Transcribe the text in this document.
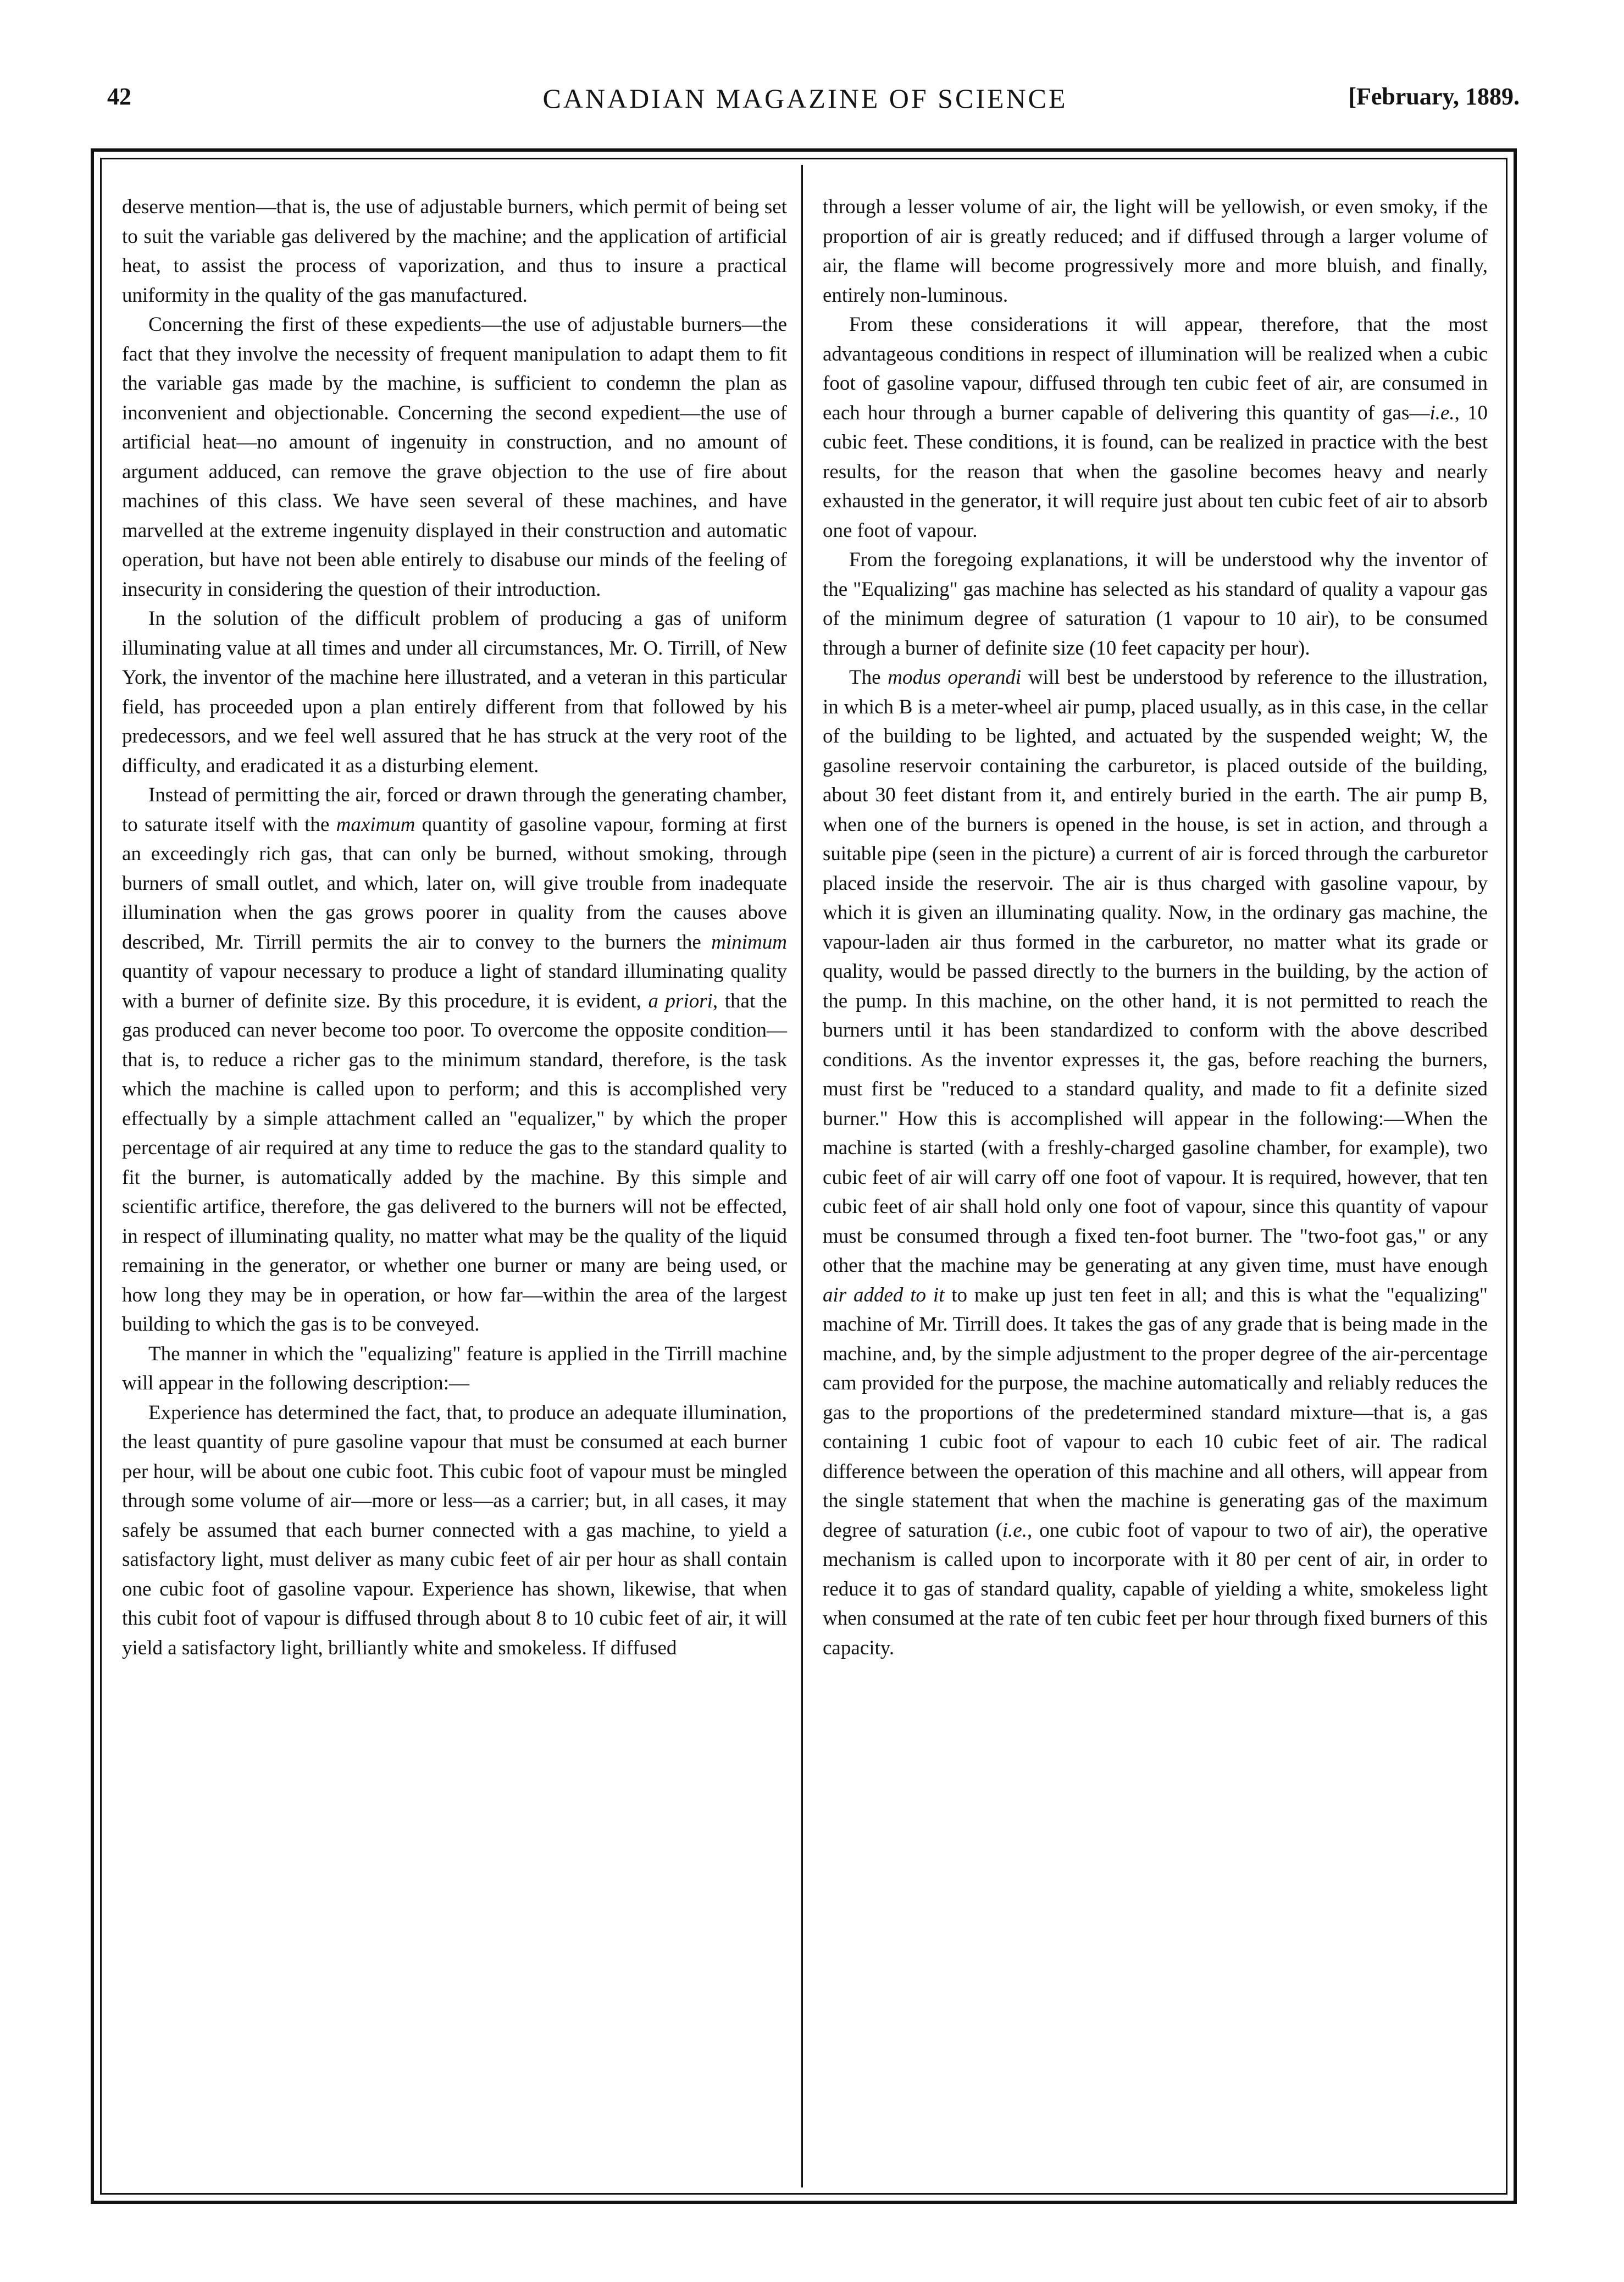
42	CANADIAN MAGAZINE OF SCIENCE	[February, 1889.

deserve mention—that is, the use of adjustable burners, which permit of being set to suit the variable gas delivered by the machine; and the application of artificial heat, to assist the process of vaporization, and thus to insure a practical uniformity in the quality of the gas manufactured.

Concerning the first of these expedients—the use of adjustable burners—the fact that they involve the necessity of frequent manipulation to adapt them to fit the variable gas made by the machine, is sufficient to condemn the plan as inconvenient and objectionable. Concerning the second expedient—the use of artificial heat—no amount of ingenuity in construction, and no amount of argument adduced, can remove the grave objection to the use of fire about machines of this class. We have seen several of these machines, and have marvelled at the extreme ingenuity displayed in their construction and automatic operation, but have not been able entirely to disabuse our minds of the feeling of insecurity in considering the question of their introduction.

In the solution of the difficult problem of producing a gas of uniform illuminating value at all times and under all circumstances, Mr. O. Tirrill, of New York, the inventor of the machine here illustrated, and a veteran in this particular field, has proceeded upon a plan entirely different from that followed by his predecessors, and we feel well assured that he has struck at the very root of the difficulty, and eradicated it as a disturbing element.

Instead of permitting the air, forced or drawn through the generating chamber, to saturate itself with the maximum quantity of gasoline vapour, forming at first an exceedingly rich gas, that can only be burned, without smoking, through burners of small outlet, and which, later on, will give trouble from inadequate illumination when the gas grows poorer in quality from the causes above described, Mr. Tirrill permits the air to convey to the burners the minimum quantity of vapour necessary to produce a light of standard illuminating quality with a burner of definite size. By this procedure, it is evident, a priori, that the gas produced can never become too poor. To overcome the opposite condition—that is, to reduce a richer gas to the minimum standard, therefore, is the task which the machine is called upon to perform; and this is accomplished very effectually by a simple attachment called an "equalizer," by which the proper percentage of air required at any time to reduce the gas to the standard quality to fit the burner, is automatically added by the machine. By this simple and scientific artifice, therefore, the gas delivered to the burners will not be effected, in respect of illuminating quality, no matter what may be the quality of the liquid remaining in the generator, or whether one burner or many are being used, or how long they may be in operation, or how far—within the area of the largest building to which the gas is to be conveyed.

The manner in which the "equalizing" feature is applied in the Tirrill machine will appear in the following description:—

Experience has determined the fact, that, to produce an adequate illumination, the least quantity of pure gasoline vapour that must be consumed at each burner per hour, will be about one cubic foot. This cubic foot of vapour must be mingled through some volume of air—more or less—as a carrier; but, in all cases, it may safely be assumed that each burner connected with a gas machine, to yield a satisfactory light, must deliver as many cubic feet of air per hour as shall contain one cubic foot of gasoline vapour. Experience has shown, likewise, that when this cubit foot of vapour is diffused through about 8 to 10 cubic feet of air, it will yield a satisfactory light, brilliantly white and smokeless. If diffused

through a lesser volume of air, the light will be yellowish, or even smoky, if the proportion of air is greatly reduced; and if diffused through a larger volume of air, the flame will become progressively more and more bluish, and finally, entirely non-luminous.

From these considerations it will appear, therefore, that the most advantageous conditions in respect of illumination will be realized when a cubic foot of gasoline vapour, diffused through ten cubic feet of air, are consumed in each hour through a burner capable of delivering this quantity of gas—i.e., 10 cubic feet. These conditions, it is found, can be realized in practice with the best results, for the reason that when the gasoline becomes heavy and nearly exhausted in the generator, it will require just about ten cubic feet of air to absorb one foot of vapour.

From the foregoing explanations, it will be understood why the inventor of the "Equalizing" gas machine has selected as his standard of quality a vapour gas of the minimum degree of saturation (1 vapour to 10 air), to be consumed through a burner of definite size (10 feet capacity per hour).

The modus operandi will best be understood by reference to the illustration, in which B is a meter-wheel air pump, placed usually, as in this case, in the cellar of the building to be lighted, and actuated by the suspended weight; W, the gasoline reservoir containing the carburetor, is placed outside of the building, about 30 feet distant from it, and entirely buried in the earth. The air pump B, when one of the burners is opened in the house, is set in action, and through a suitable pipe (seen in the picture) a current of air is forced through the carburetor placed inside the reservoir. The air is thus charged with gasoline vapour, by which it is given an illuminating quality. Now, in the ordinary gas machine, the vapour-laden air thus formed in the carburetor, no matter what its grade or quality, would be passed directly to the burners in the building, by the action of the pump. In this machine, on the other hand, it is not permitted to reach the burners until it has been standardized to conform with the above described conditions. As the inventor expresses it, the gas, before reaching the burners, must first be "reduced to a standard quality, and made to fit a definite sized burner." How this is accomplished will appear in the following:—When the machine is started (with a freshly-charged gasoline chamber, for example), two cubic feet of air will carry off one foot of vapour. It is required, however, that ten cubic feet of air shall hold only one foot of vapour, since this quantity of vapour must be consumed through a fixed ten-foot burner. The "two-foot gas," or any other that the machine may be generating at any given time, must have enough air added to it to make up just ten feet in all; and this is what the "equalizing" machine of Mr. Tirrill does. It takes the gas of any grade that is being made in the machine, and, by the simple adjustment to the proper degree of the air-percentage cam provided for the purpose, the machine automatically and reliably reduces the gas to the proportions of the predetermined standard mixture—that is, a gas containing 1 cubic foot of vapour to each 10 cubic feet of air. The radical difference between the operation of this machine and all others, will appear from the single statement that when the machine is generating gas of the maximum degree of saturation (i.e., one cubic foot of vapour to two of air), the operative mechanism is called upon to incorporate with it 80 per cent of air, in order to reduce it to gas of standard quality, capable of yielding a white, smokeless light when consumed at the rate of ten cubic feet per hour through fixed burners of this capacity.
